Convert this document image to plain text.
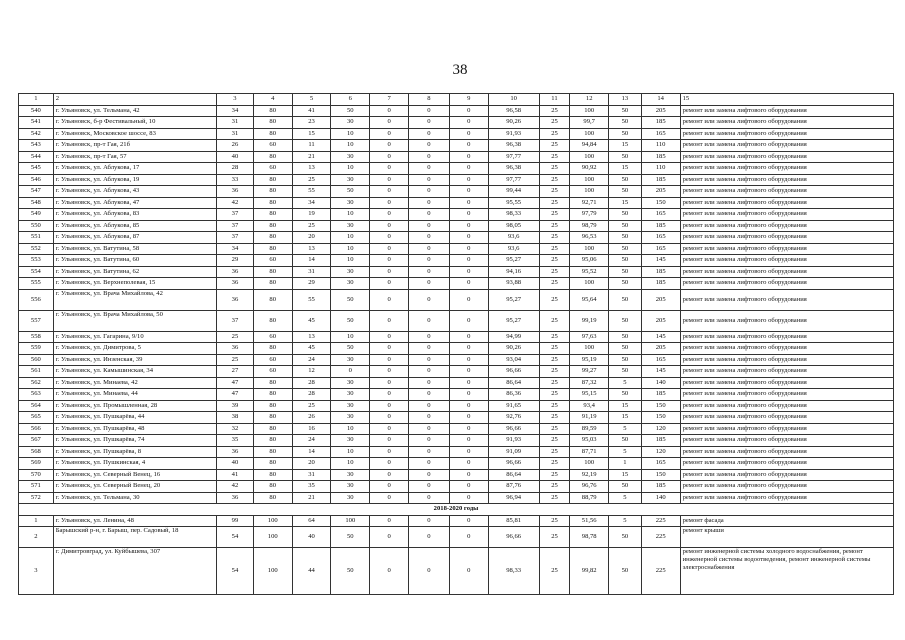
38
1	2	3	4	5	6	7	8	9	10	11	12	13	14	15
540	г. Ульяновск, ул. Тельмана, 42	34	80	41	50	0	0	0	96,58	25	100	50	205	ремонт или замена лифтового оборудования
541	г. Ульяновск, б-р Фестивальный, 10	31	80	23	30	0	0	0	90,26	25	99,7	50	185	ремонт или замена лифтового оборудования
542	г. Ульяновск, Московское шоссе, 83	31	80	15	10	0	0	0	91,93	25	100	50	165	ремонт или замена лифтового оборудования
543	г. Ульяновск, пр-т Гая, 21б	26	60	11	10	0	0	0	96,38	25	94,84	15	110	ремонт или замена лифтового оборудования
544	г. Ульяновск, пр-т Гая, 57	40	80	21	30	0	0	0	97,77	25	100	50	185	ремонт или замена лифтового оборудования
545	г. Ульяновск, ул. Аблукова, 17	28	60	13	10	0	0	0	96,38	25	90,92	15	110	ремонт или замена лифтового оборудования
546	г. Ульяновск, ул. Аблукова, 19	33	80	25	30	0	0	0	97,77	25	100	50	185	ремонт или замена лифтового оборудования
547	г. Ульяновск, ул. Аблукова, 43	36	80	55	50	0	0	0	99,44	25	100	50	205	ремонт или замена лифтового оборудования
548	г. Ульяновск, ул. Аблукова, 47	42	80	34	30	0	0	0	95,55	25	92,71	15	150	ремонт или замена лифтового оборудования
549	г. Ульяновск, ул. Аблукова, 83	37	80	19	10	0	0	0	98,33	25	97,79	50	165	ремонт или замена лифтового оборудования
550	г. Ульяновск, ул. Аблукова, 85	37	80	25	30	0	0	0	98,05	25	98,79	50	185	ремонт или замена лифтового оборудования
551	г. Ульяновск, ул. Аблукова, 87	37	80	20	10	0	0	0	93,6	25	96,53	50	165	ремонт или замена лифтового оборудования
552	г. Ульяновск, ул. Ватутина, 58	34	80	13	10	0	0	0	93,6	25	100	50	165	ремонт или замена лифтового оборудования
553	г. Ульяновск, ул. Ватутина, 60	29	60	14	10	0	0	0	95,27	25	95,06	50	145	ремонт или замена лифтового оборудования
554	г. Ульяновск, ул. Ватутина, 62	36	80	31	30	0	0	0	94,16	25	95,52	50	185	ремонт или замена лифтового оборудования
555	г. Ульяновск, ул. Верхнеполевая, 15	36	80	29	30	0	0	0	93,88	25	100	50	185	ремонт или замена лифтового оборудования
556	г. Ульяновск, ул. Врача Михайлова, 42	36	80	55	50	0	0	0	95,27	25	95,64	50	205	ремонт или замена лифтового оборудования
557	г. Ульяновск, ул. Врача Михайлова, 50	37	80	45	50	0	0	0	95,27	25	99,19	50	205	ремонт или замена лифтового оборудования
558	г. Ульяновск, ул. Гагарина, 9/10	25	60	13	10	0	0	0	94,99	25	97,63	50	145	ремонт или замена лифтового оборудования
559	г. Ульяновск, ул. Димитрова, 5	36	80	45	50	0	0	0	90,26	25	100	50	205	ремонт или замена лифтового оборудования
560	г. Ульяновск, ул. Инзенская, 39	25	60	24	30	0	0	0	93,04	25	95,19	50	165	ремонт или замена лифтового оборудования
561	г. Ульяновск, ул. Камышинская, 34	27	60	12	0	0	0	0	96,66	25	99,27	50	145	ремонт или замена лифтового оборудования
562	г. Ульяновск, ул. Минаева, 42	47	80	28	30	0	0	0	86,64	25	87,32	5	140	ремонт или замена лифтового оборудования
563	г. Ульяновск, ул. Минаева, 44	47	80	28	30	0	0	0	86,36	25	95,15	50	185	ремонт или замена лифтового оборудования
564	г. Ульяновск, ул. Промышленная, 28	39	80	25	30	0	0	0	91,65	25	93,4	15	150	ремонт или замена лифтового оборудования
565	г. Ульяновск, ул. Пушкарёва, 44	38	80	26	30	0	0	0	92,76	25	91,19	15	150	ремонт или замена лифтового оборудования
566	г. Ульяновск, ул. Пушкарёва, 48	32	80	16	10	0	0	0	96,66	25	89,59	5	120	ремонт или замена лифтового оборудования
567	г. Ульяновск, ул. Пушкарёва, 74	35	80	24	30	0	0	0	91,93	25	95,03	50	185	ремонт или замена лифтового оборудования
568	г. Ульяновск, ул. Пушкарёва, 8	36	80	14	10	0	0	0	91,09	25	87,71	5	120	ремонт или замена лифтового оборудования
569	г. Ульяновск, ул. Пушкинская, 4	40	80	20	10	0	0	0	96,66	25	100	1	165	ремонт или замена лифтового оборудования
570	г. Ульяновск, ул. Северный Венец, 16	41	80	31	30	0	0	0	86,64	25	92,19	15	150	ремонт или замена лифтового оборудования
571	г. Ульяновск, ул. Северный Венец, 20	42	80	35	30	0	0	0	87,76	25	96,76	50	185	ремонт или замена лифтового оборудования
572	г. Ульяновск, ул. Тельмана, 30	36	80	21	30	0	0	0	96,94	25	88,79	5	140	ремонт или замена лифтового оборудования
2018-2020 годы														
1	г. Ульяновск, ул. Ленина, 48	99	100	64	100	0	0	0	85,81	25	51,56	5	225	ремонт фасада
2	Барышский р-н, г. Барыш, пер. Садовый, 18	54	100	40	50	0	0	0	96,66	25	98,78	50	225	ремонт крыши
3	г. Димитровград, ул. Куйбышева, 307	54	100	44	50	0	0	0	98,33	25	99,82	50	225	ремонт инженерной системы холодного водоснабжения, ремонт инженерной системы водоотведения, ремонт инженерной системы электроснабжения
